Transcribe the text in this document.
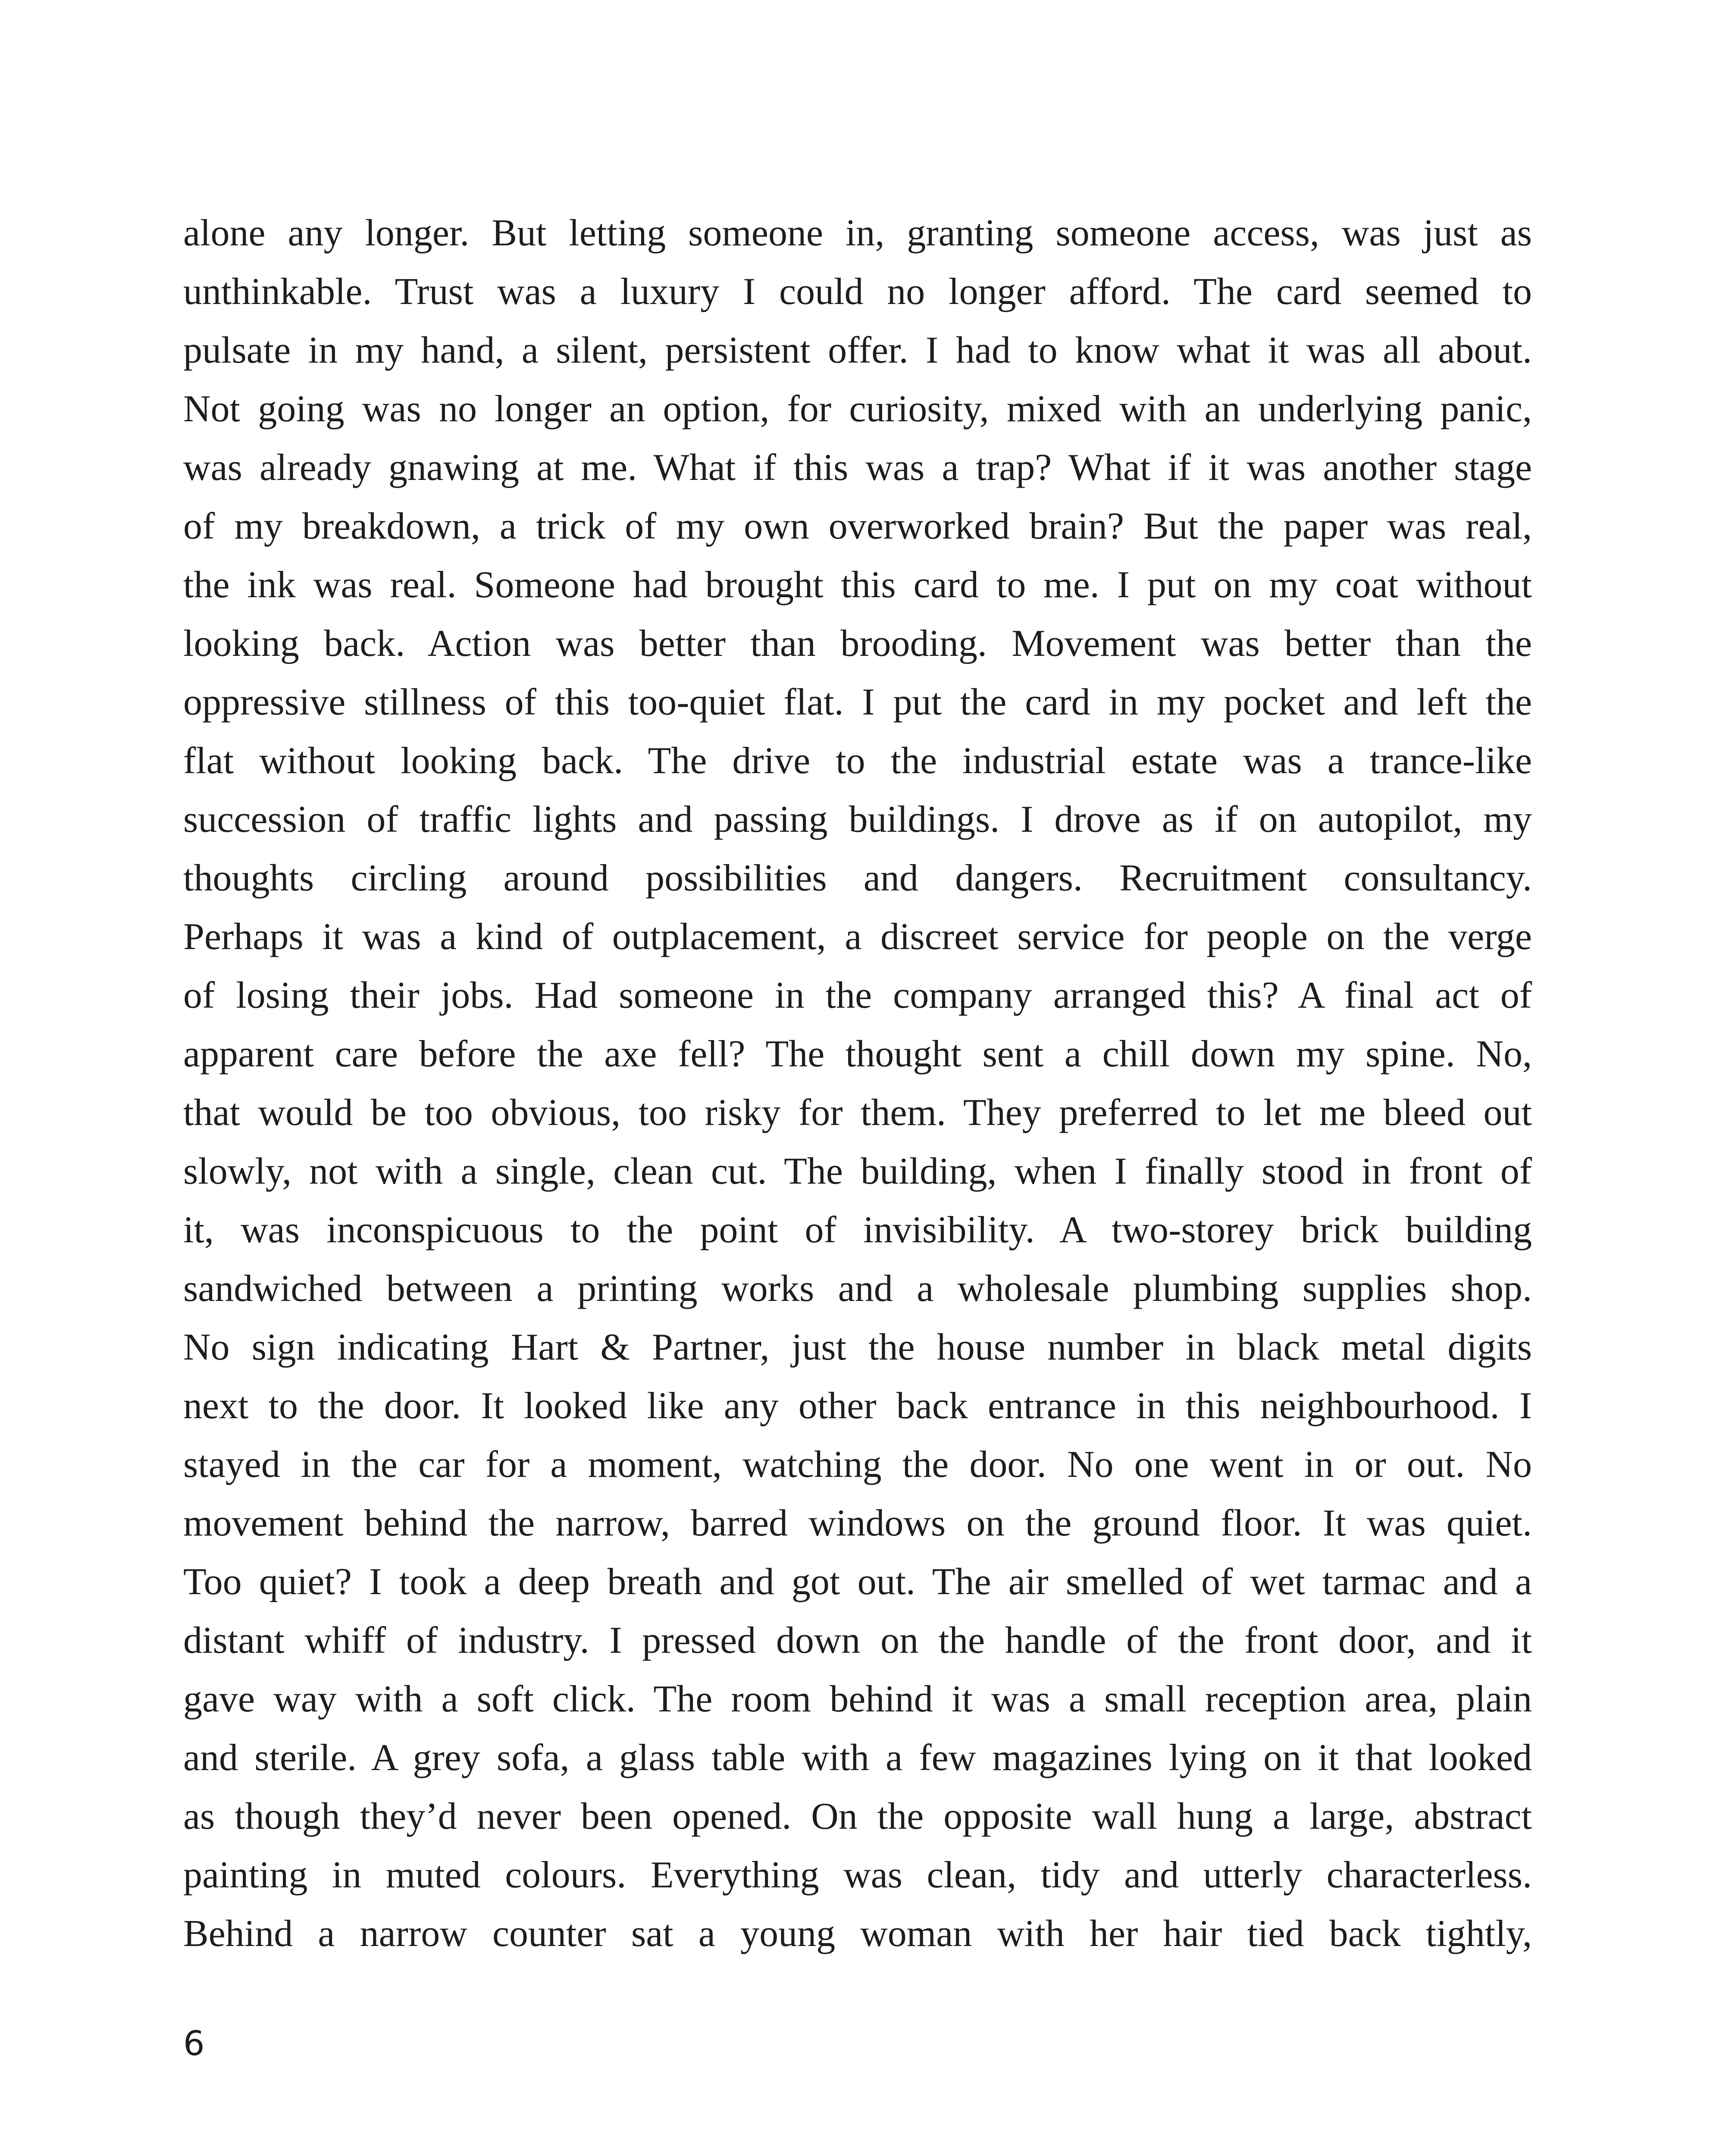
alone any longer. But letting someone in, granting someone access, was just as
unthinkable. Trust was a luxury I could no longer afford. The card seemed to
pulsate in my hand, a silent, persistent offer. I had to know what it was all about.
Not going was no longer an option, for curiosity, mixed with an underlying panic,
was already gnawing at me. What if this was a trap? What if it was another stage
of my breakdown, a trick of my own overworked brain? But the paper was real,
the ink was real. Someone had brought this card to me. I put on my coat without
looking back. Action was better than brooding. Movement was better than the
oppressive stillness of this too-quiet flat. I put the card in my pocket and left the
flat without looking back. The drive to the industrial estate was a trance-like
succession of traffic lights and passing buildings. I drove as if on autopilot, my
thoughts circling around possibilities and dangers. Recruitment consultancy.
Perhaps it was a kind of outplacement, a discreet service for people on the verge
of losing their jobs. Had someone in the company arranged this? A final act of
apparent care before the axe fell? The thought sent a chill down my spine. No,
that would be too obvious, too risky for them. They preferred to let me bleed out
slowly, not with a single, clean cut. The building, when I finally stood in front of
it, was inconspicuous to the point of invisibility. A two-storey brick building
sandwiched between a printing works and a wholesale plumbing supplies shop.
No sign indicating Hart & Partner, just the house number in black metal digits
next to the door. It looked like any other back entrance in this neighbourhood. I
stayed in the car for a moment, watching the door. No one went in or out. No
movement behind the narrow, barred windows on the ground floor. It was quiet.
Too quiet? I took a deep breath and got out. The air smelled of wet tarmac and a
distant whiff of industry. I pressed down on the handle of the front door, and it
gave way with a soft click. The room behind it was a small reception area, plain
and sterile. A grey sofa, a glass table with a few magazines lying on it that looked
as though they’d never been opened. On the opposite wall hung a large, abstract
painting in muted colours. Everything was clean, tidy and utterly characterless.
Behind a narrow counter sat a young woman with her hair tied back tightly,
6
